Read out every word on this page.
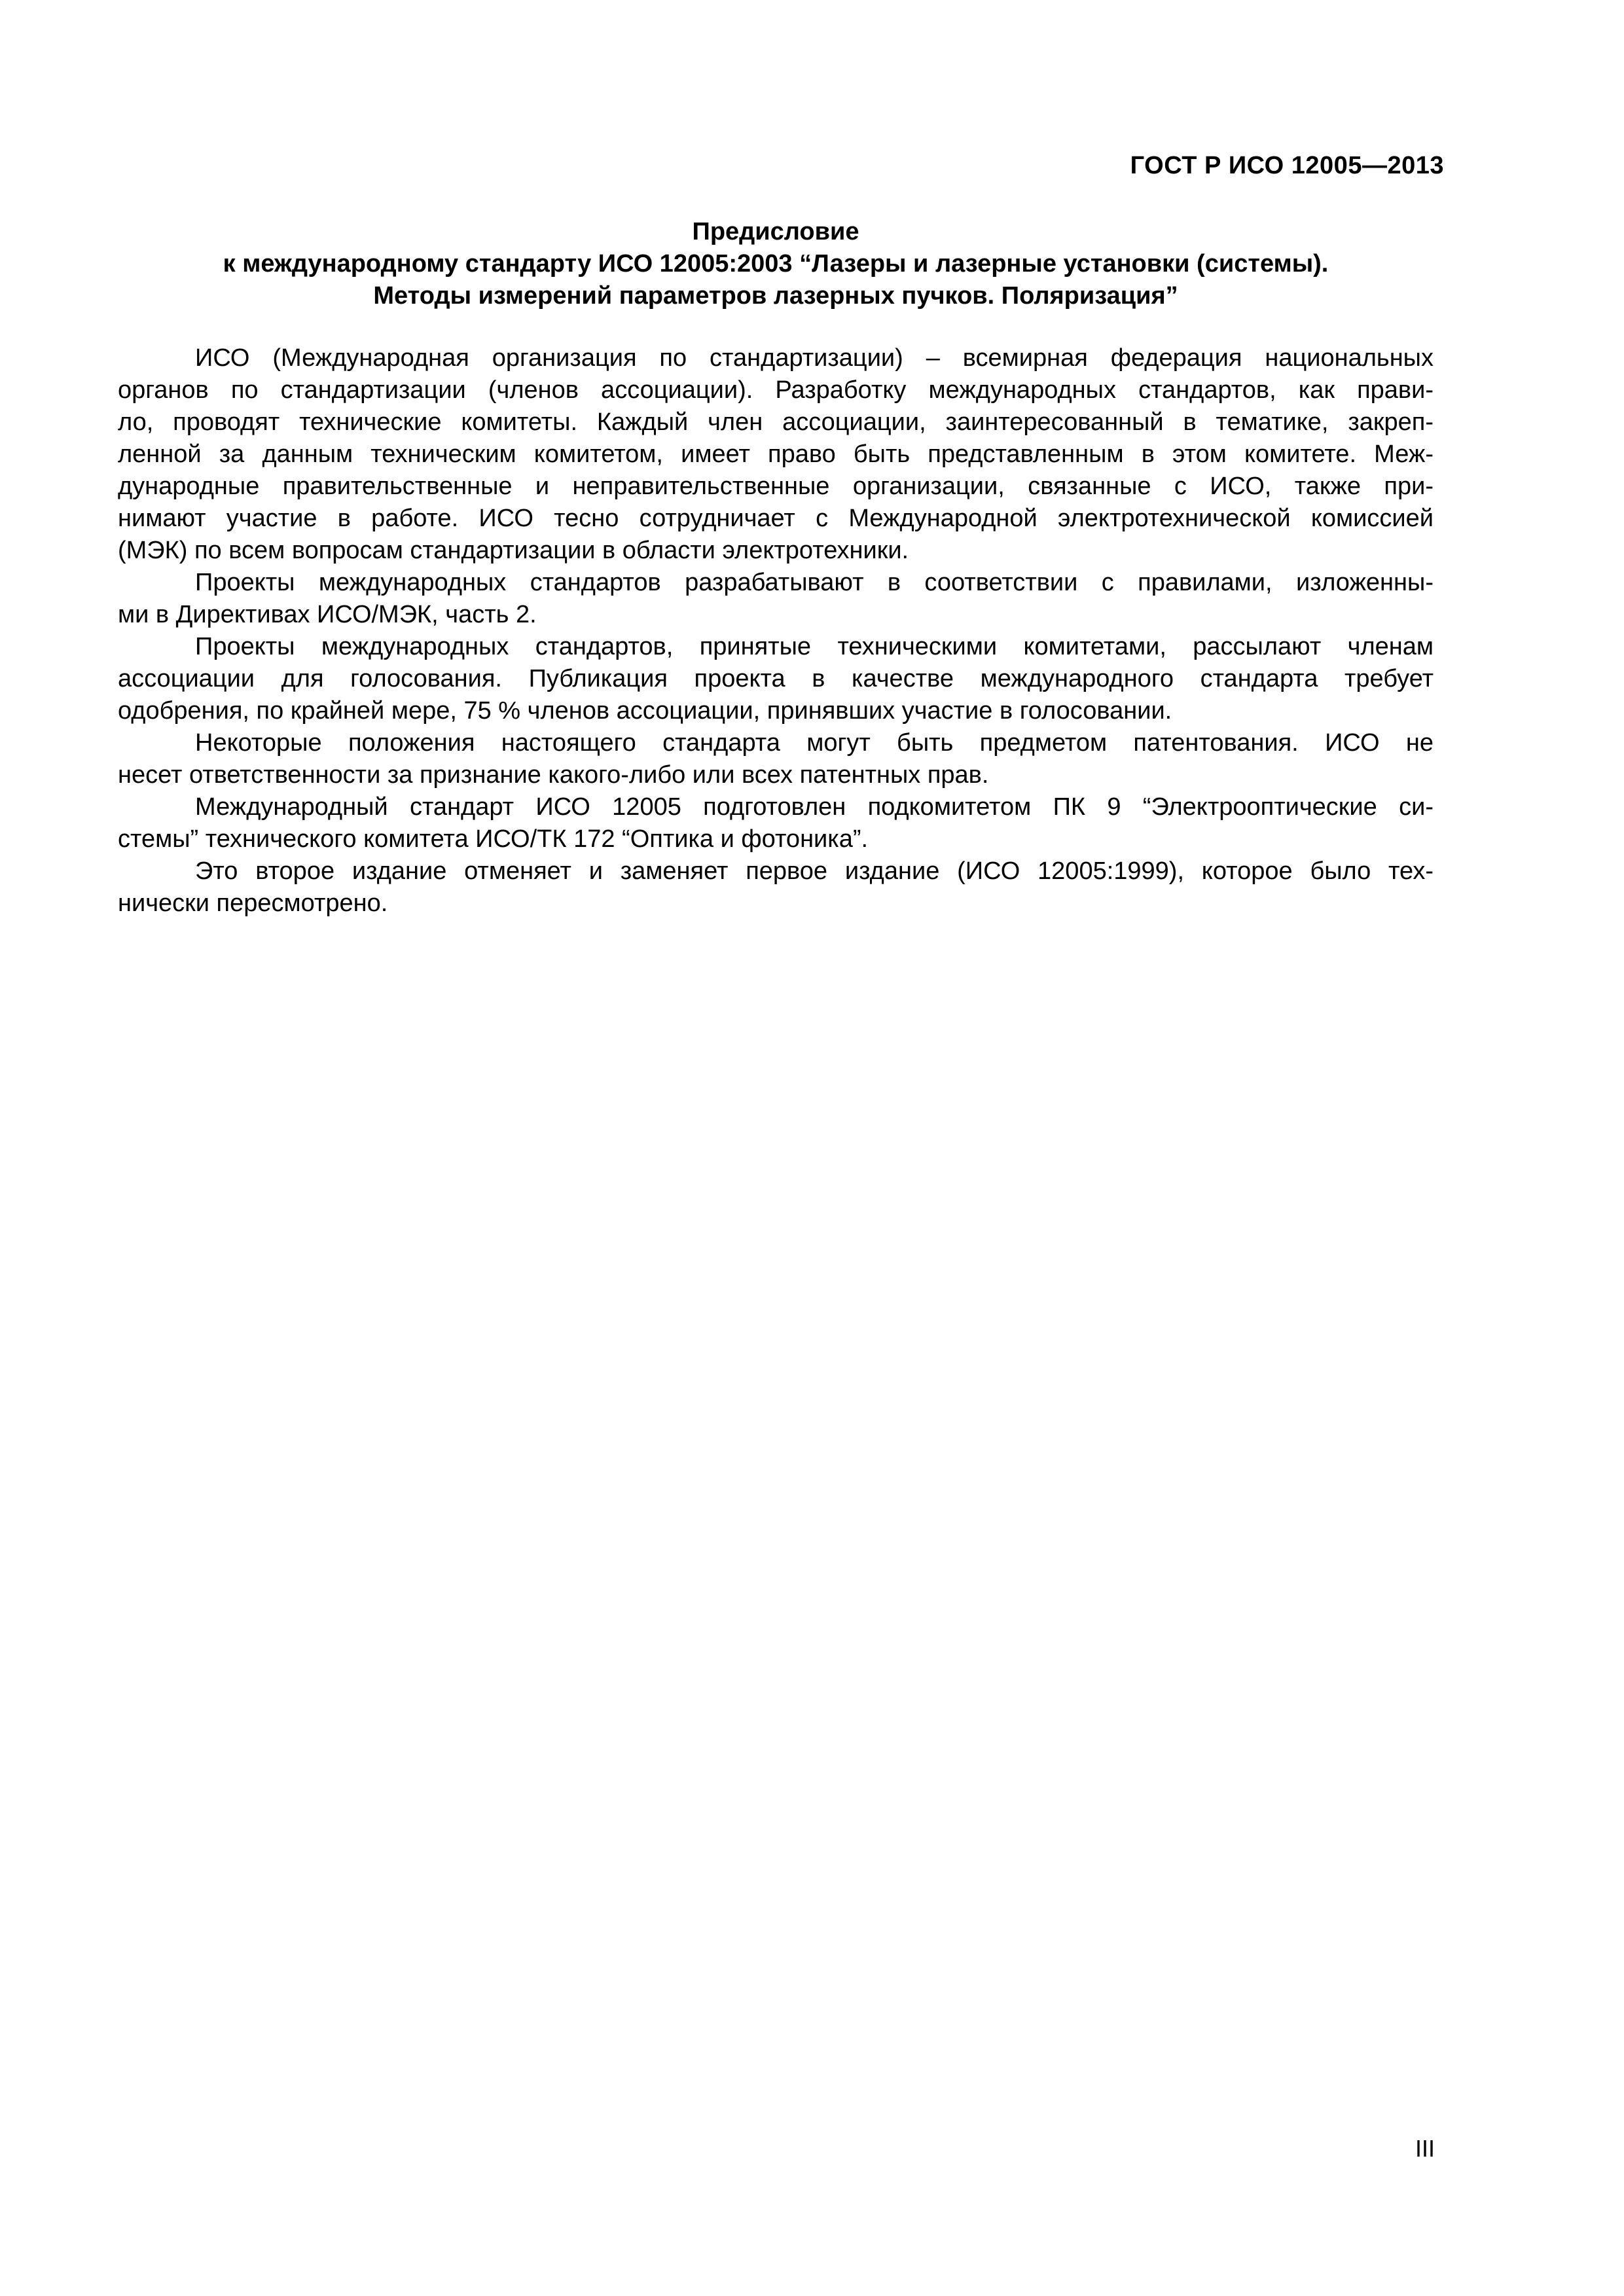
ГОСТ Р ИСО 12005—2013
Предисловие
к международному стандарту ИСО 12005:2003 “Лазеры и лазерные установки (системы).
Методы измерений параметров лазерных пучков. Поляризация”

ИСО (Международная организация по стандартизации) – всемирная федерация национальных
органов по стандартизации (членов ассоциации). Разработку международных стандартов, как прави-
ло, проводят технические комитеты. Каждый член ассоциации, заинтересованный в тематике, закреп-
ленной за данным техническим комитетом, имеет право быть представленным в этом комитете. Меж-
дународные правительственные и неправительственные организации, связанные с ИСО, также при-
нимают участие в работе. ИСО тесно сотрудничает с Международной электротехнической комиссией
(МЭК) по всем вопросам стандартизации в области электротехники.

Проекты международных стандартов разрабатывают в соответствии с правилами, изложенны-
ми в Директивах ИСО/МЭК, часть 2.

Проекты международных стандартов, принятые техническими комитетами, рассылают членам
ассоциации для голосования. Публикация проекта в качестве международного стандарта требует
одобрения, по крайней мере, 75 % членов ассоциации, принявших участие в голосовании.

Некоторые положения настоящего стандарта могут быть предметом патентования. ИСО не
несет ответственности за признание какого-либо или всех патентных прав.

Международный стандарт ИСО 12005 подготовлен подкомитетом ПК 9 “Электрооптические си-
стемы” технического комитета ИСО/ТК 172 “Оптика и фотоника”.

Это второе издание отменяет и заменяет первое издание (ИСО 12005:1999), которое было тех-
нически пересмотрено.

III
